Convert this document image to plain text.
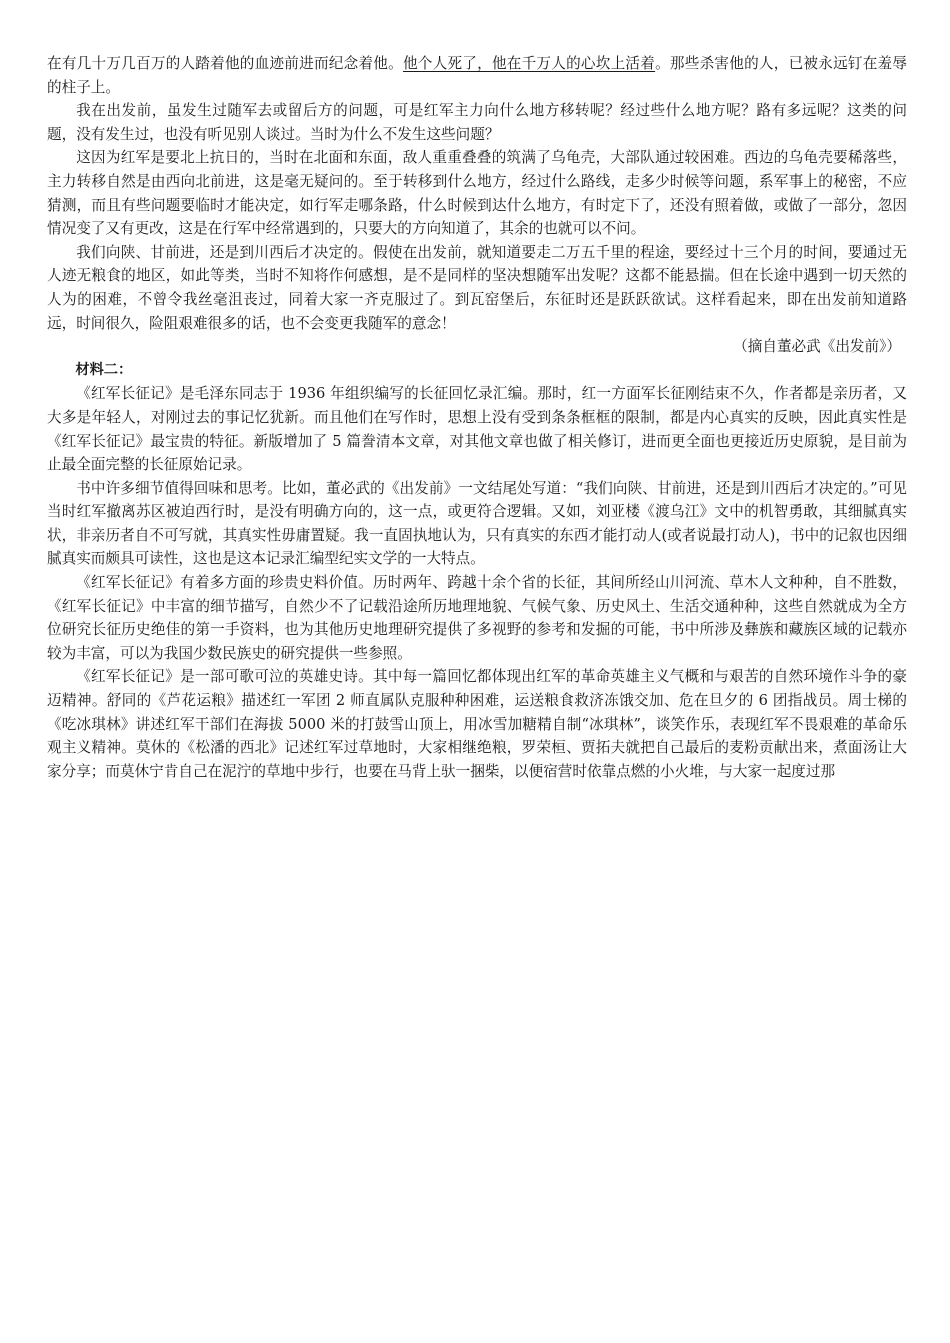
在有几十万几百万的人踏着他的血迹前进而纪念着他。他个人死了，他在千万人的心坎上活着。那些杀害他的人，已被永远钉在羞辱的柱子上。

我在出发前，虽发生过随军去或留后方的问题，可是红军主力向什么地方移转呢？经过些什么地方呢？路有多远呢？这类的问题，没有发生过，也没有听见别人谈过。当时为什么不发生这些问题？

这因为红军是要北上抗日的，当时在北面和东面，敌人重重叠叠的筑满了乌龟壳，大部队通过较困难。西边的乌龟壳要稀落些，主力转移自然是由西向北前进，这是毫无疑问的。至于转移到什么地方，经过什么路线，走多少时候等问题，系军事上的秘密，不应猜测，而且有些问题要临时才能决定，如行军走哪条路，什么时候到达什么地方，有时定下了，还没有照着做，或做了一部分，忽因情况变了又有更改，这是在行军中经常遇到的，只要大的方向知道了，其余的也就可以不问。

我们向陕、甘前进，还是到川西后才决定的。假使在出发前，就知道要走二万五千里的程途，要经过十三个月的时间，要通过无人迹无粮食的地区，如此等类，当时不知将作何感想，是不是同样的坚决想随军出发呢？这都不能悬揣。但在长途中遇到一切天然的人为的困难，不曾令我丝毫沮丧过，同着大家一齐克服过了。到瓦窑堡后，东征时还是跃跃欲试。这样看起来，即在出发前知道路远，时间很久，险阻艰难很多的话，也不会变更我随军的意念！

（摘自董必武《出发前》）

材料二：

《红军长征记》是毛泽东同志于 1936 年组织编写的长征回忆录汇编。那时，红一方面军长征刚结束不久，作者都是亲历者，又大多是年轻人，对刚过去的事记忆犹新。而且他们在写作时，思想上没有受到条条框框的限制，都是内心真实的反映，因此真实性是《红军长征记》最宝贵的特征。新版增加了 5 篇誊清本文章，对其他文章也做了相关修订，进而更全面也更接近历史原貌，是目前为止最全面完整的长征原始记录。

书中许多细节值得回味和思考。比如，董必武的《出发前》一文结尾处写道：“我们向陕、甘前进，还是到川西后才决定的。”可见当时红军撤离苏区被迫西行时，是没有明确方向的，这一点，或更符合逻辑。又如，刘亚楼《渡乌江》文中的机智勇敢，其细腻真实状，非亲历者自不可写就，其真实性毋庸置疑。我一直固执地认为，只有真实的东西才能打动人(或者说最打动人)，书中的记叙也因细腻真实而颇具可读性，这也是这本记录汇编型纪实文学的一大特点。

《红军长征记》有着多方面的珍贵史料价值。历时两年、跨越十余个省的长征，其间所经山川河流、草木人文种种，自不胜数，《红军长征记》中丰富的细节描写，自然少不了记载沿途所历地理地貌、气候气象、历史风土、生活交通种种，这些自然就成为全方位研究长征历史绝佳的第一手资料，也为其他历史地理研究提供了多视野的参考和发掘的可能，书中所涉及彝族和藏族区域的记载亦较为丰富，可以为我国少数民族史的研究提供一些参照。

《红军长征记》是一部可歌可泣的英雄史诗。其中每一篇回忆都体现出红军的革命英雄主义气概和与艰苦的自然环境作斗争的豪迈精神。舒同的《芦花运粮》描述红一军团 2 师直属队克服种种困难，运送粮食救济冻饿交加、危在旦夕的 6 团指战员。周士梯的《吃冰琪林》讲述红军干部们在海拔 5000 米的打鼓雪山顶上，用冰雪加糖精自制“冰琪林”，谈笑作乐，表现红军不畏艰难的革命乐观主义精神。莫休的《松潘的西北》记述红军过草地时，大家相继绝粮，罗荣桓、贾拓夫就把自己最后的麦粉贡献出来，煮面汤让大家分享；而莫休宁肯自己在泥泞的草地中步行，也要在马背上驮一捆柴，以便宿营时依靠点燃的小火堆，与大家一起度过那
